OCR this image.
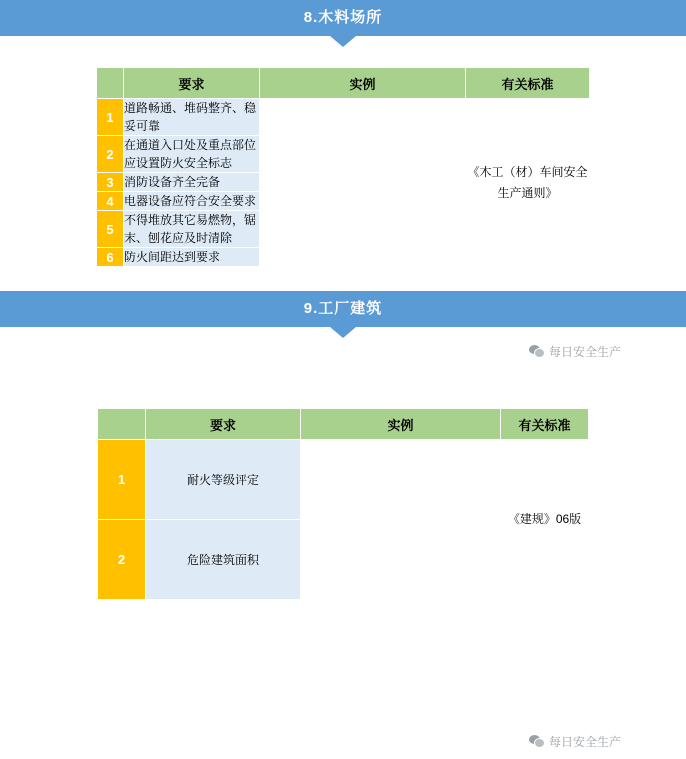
8.木料场所
	要求	实例	有关标准
1	道路畅通、堆码整齐、稳妥可靠		《木工（材）车间安全生产通则》
2	在通道入口处及重点部位应设置防火安全标志		
3	消防设备齐全完备		
4	电器设备应符合安全要求		
5	不得堆放其它易燃物，锯末、刨花应及时清除		
6	防火间距达到要求		
每日安全生产
9.工厂建筑
	要求	实例	有关标准
1	耐火等级评定		《建规》06版
2	危险建筑面积		
每日安全生产
